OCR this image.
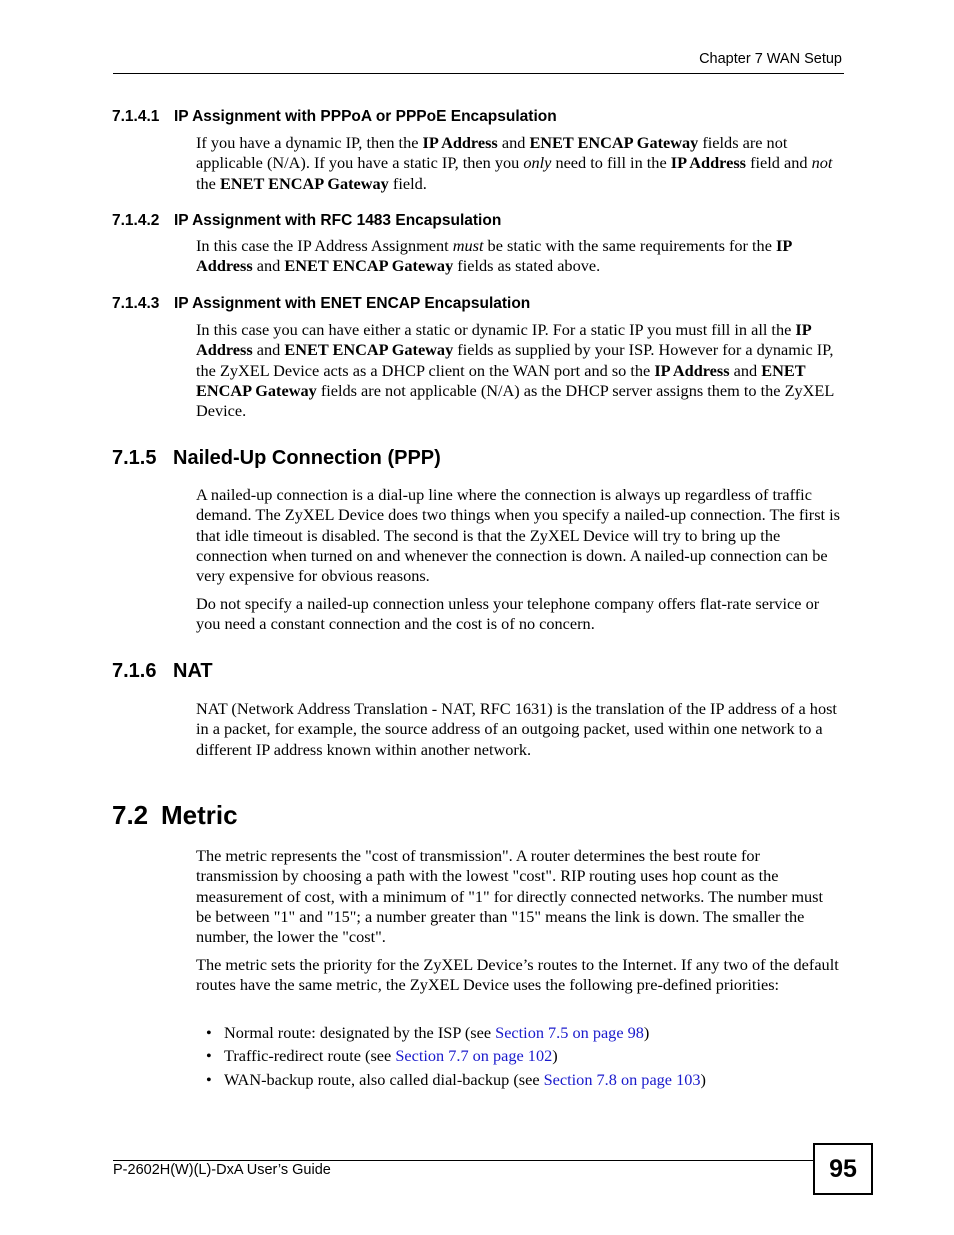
Chapter 7 WAN Setup
7.1.4.1 IP Assignment with PPPoA or PPPoE Encapsulation

If you have a dynamic IP, then the IP Address and ENET ENCAP Gateway fields are not applicable (N/A). If you have a static IP, then you only need to fill in the IP Address field and not the ENET ENCAP Gateway field.

7.1.4.2 IP Assignment with RFC 1483 Encapsulation

In this case the IP Address Assignment must be static with the same requirements for the IP Address and ENET ENCAP Gateway fields as stated above.

7.1.4.3 IP Assignment with ENET ENCAP Encapsulation

In this case you can have either a static or dynamic IP. For a static IP you must fill in all the IP Address and ENET ENCAP Gateway fields as supplied by your ISP. However for a dynamic IP, the ZyXEL Device acts as a DHCP client on the WAN port and so the IP Address and ENET ENCAP Gateway fields are not applicable (N/A) as the DHCP server assigns them to the ZyXEL Device.

7.1.5 Nailed-Up Connection (PPP)

A nailed-up connection is a dial-up line where the connection is always up regardless of traffic demand. The ZyXEL Device does two things when you specify a nailed-up connection. The first is that idle timeout is disabled. The second is that the ZyXEL Device will try to bring up the connection when turned on and whenever the connection is down. A nailed-up connection can be very expensive for obvious reasons.

Do not specify a nailed-up connection unless your telephone company offers flat-rate service or you need a constant connection and the cost is of no concern.

7.1.6 NAT

NAT (Network Address Translation - NAT, RFC 1631) is the translation of the IP address of a host in a packet, for example, the source address of an outgoing packet, used within one network to a different IP address known within another network.

7.2 Metric

The metric represents the "cost of transmission". A router determines the best route for transmission by choosing a path with the lowest "cost". RIP routing uses hop count as the measurement of cost, with a minimum of "1" for directly connected networks. The number must be between "1" and "15"; a number greater than "15" means the link is down. The smaller the number, the lower the "cost".

The metric sets the priority for the ZyXEL Device’s routes to the Internet. If any two of the default routes have the same metric, the ZyXEL Device uses the following pre-defined priorities:

• Normal route: designated by the ISP (see Section 7.5 on page 98)
• Traffic-redirect route (see Section 7.7 on page 102)
• WAN-backup route, also called dial-backup (see Section 7.8 on page 103)
P-2602H(W)(L)-DxA User’s Guide	95
